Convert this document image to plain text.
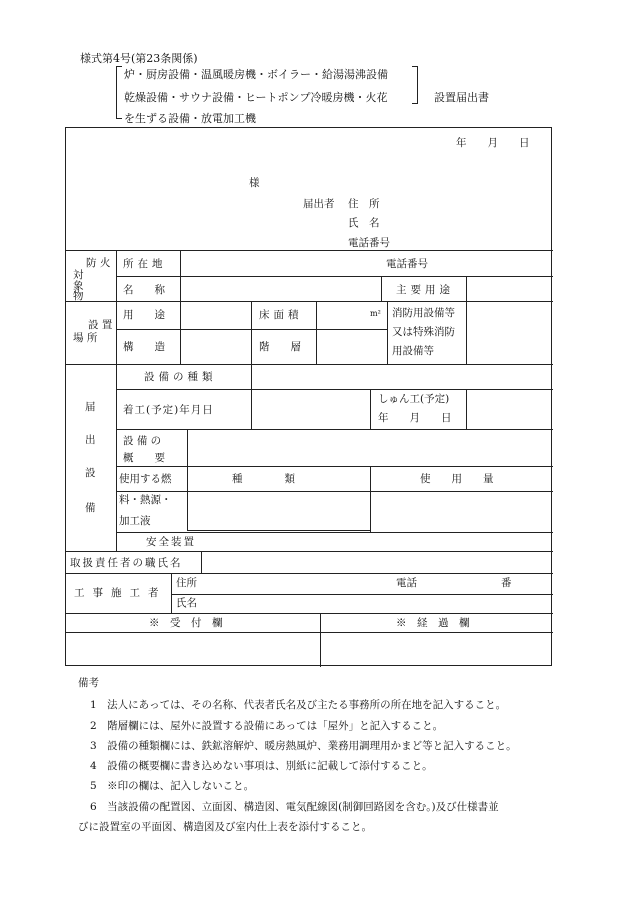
様式第4号(第23条関係)
炉・厨房設備・温風暖房機・ボイラー・給湯湯沸設備
乾燥設備・サウナ設備・ヒートポンプ冷暖房機・火花
を生ずる設備・放電加工機
設置届出書
年　　月　　日
様
届出者 住　所
氏　名
電話番号
防 火
対 象 物
所在地	電話番号
名　　称	主要用途
設 置
場 所
用　　途	床面積	m² 消防用設備等
又は特殊消防
用設備等
構　　造	階　　層
届
出
設
備
設備の種類
着工(予定)年月日
しゅん工(予定)
年　　月　　日
設 備 の
概　　要
使用する燃
料・熱源・
加工液
種　　　　類	使　　用　　量
安全装置
取扱責任者の職氏名
工事施工者
住所	電話　　　　　　　　番
氏名
※　受　付　欄	※　経　過　欄
備考
1　法人にあっては、その名称、代表者氏名及び主たる事務所の所在地を記入すること。
2　階層欄には、屋外に設置する設備にあっては「屋外」と記入すること。
3　設備の種類欄には、鉄鉱溶解炉、暖房熱風炉、業務用調理用かまど等と記入すること。
4　設備の概要欄に書き込めない事項は、別紙に記載して添付すること。
5　※印の欄は、記入しないこと。
6　当該設備の配置図、立面図、構造図、電気配線図(制御回路図を含む。)及び仕様書並
びに設置室の平面図、構造図及び室内仕上表を添付すること。
